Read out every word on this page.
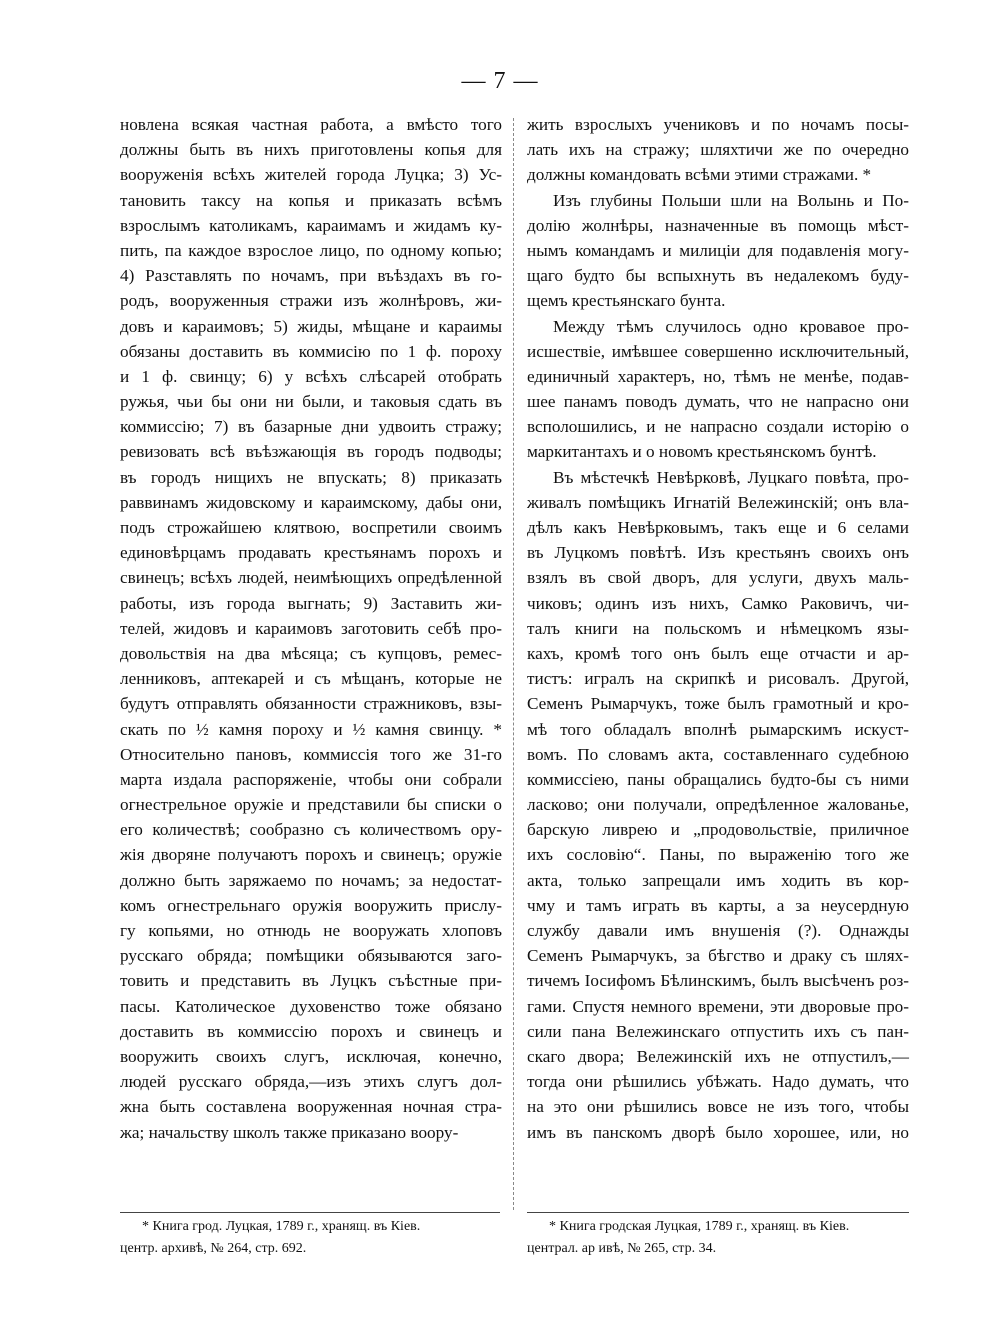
— 7 —
новлена всякая частная работа, а вмѣсто того
должны быть въ нихъ приготовлены копья для
вооруженія всѣхъ жителей города Луцка; 3) Ус-
тановить таксу на копья и приказать всѣмъ
взрослымъ католикамъ, караимамъ и жидамъ ку-
пить, па каждое взрослое лицо, по одному копью;
4) Разставлять по ночамъ, при въѣздахъ въ го-
родъ, вооруженныя стражи изъ жолнѣровъ, жи-
довъ и караимовъ; 5) жиды, мѣщане и караимы
обязаны доставить въ коммисію по 1 ф. пороху
и 1 ф. свинцу; 6) у всѣхъ слѣсарей отобрать
ружья, чьи бы они ни были, и таковыя сдать въ
коммиссію; 7) въ базарные дни удвоить стражу;
ревизовать всѣ въѣзжающія въ городъ подводы;
въ городъ нищихъ не впускать; 8) приказать
раввинамъ жидовскому и караимскому, дабы они,
подъ строжайшею клятвою, воспретили своимъ
единовѣрцамъ продавать крестьянамъ порохъ и
свинецъ; всѣхъ людей, неимѣющихъ опредѣленной
работы, изъ города выгнать; 9) Заставить жи-
телей, жидовъ и караимовъ заготовить себѣ про-
довольствія на два мѣсяца; съ купцовъ, ремес-
ленниковъ, аптекарей и съ мѣщанъ, которые не
будутъ отправлять обязанности стражниковъ, взы-
скать по ½ камня пороху и ½ камня свинцу. *
Относительно пановъ, коммиссія того же 31-го
марта издала распоряженіе, чтобы они собрали
огнестрельное оружіе и представили бы списки о
его количествѣ; сообразно съ количествомъ ору-
жія дворяне получаютъ порохъ и свинецъ; оружіе
должно быть заряжаемо по ночамъ; за недостат-
комъ огнестрельнаго оружія вооружить прислу-
гу копьями, но отнюдь не вооружать хлоповъ
русскаго обряда; помѣщики обязываются загo-
товить и представить въ Луцкъ съѣстные при-
пасы. Католическое духовенство тоже обязано
доставить въ коммиссію порохъ и свинецъ и
вооружить своихъ слугъ, исключая, конечно,
людей русскаго обряда,—изъ этихъ слугъ дол-
жна быть составлена вооруженная ночная стра-
жа; начальству школъ также приказано воору-
жить взрослыхъ учениковъ и по ночамъ посы-
лать ихъ на стражу; шляхтичи же по очередно
должны командовать всѣми этими стражами. *
Изъ глубины Польши шли на Волынь и По-
долію жолнѣры, назначенные въ помощь мѣст-
нымъ командамъ и милиціи для подавленія могу-
щаго будто бы вспыхнуть въ недалекомъ буду-
щемъ крестьянскаго бунта.
Между тѣмъ случилось одно кровавое про-
исшествіе, имѣвшее совершенно исключительный,
единичный характеръ, но, тѣмъ не менѣе, подав-
шее панамъ поводъ думать, что не напрасно они
всполошились, и не напрасно создали исторію о
маркитантахъ и о новомъ крестьянскомъ бунтѣ.
Въ мѣстечкѣ Невѣрковѣ, Луцкаго повѣта, про-
живалъ помѣщикъ Игнатій Вележинскій; онъ вла-
дѣлъ какъ Невѣрковымъ, такъ еще и 6 селами
въ Луцкомъ повѣтѣ. Изъ крестьянъ своихъ онъ
взялъ въ свой дворъ, для услуги, двухъ маль-
чиковъ; одинъ изъ нихъ, Самко Раковичъ, чи-
талъ книги на польскомъ и нѣмецкомъ язы-
кахъ, кромѣ того онъ былъ еще отчасти и ар-
тистъ: игралъ на скрипкѣ и рисовалъ. Другой,
Семенъ Рымарчукъ, тоже былъ грамотный и кро-
мѣ того обладалъ вполнѣ рымарскимъ искуст-
вомъ. По словамъ акта, составленнаго судебною
коммиссіею, паны обращались будто-бы съ ними
ласково; они получали, опредѣленное жалованье,
барскую ливрею и „продовольствіе, приличное
ихъ сословію“. Паны, по выраженію того же
акта, только запрещали имъ ходить въ кор-
чму и тамъ играть въ карты, а за неусердную
службу давали имъ внушенія (?). Однажды
Семенъ Рымарчукъ, за бѣгство и драку съ шлях-
тичемъ Іосифомъ Бѣлинскимъ, былъ высѣченъ роз-
гами. Спустя немного времени, эти дворовые про-
сили пана Вележинскаго отпустить ихъ съ пан-
скаго двора; Вележинскій ихъ не отпустилъ,—
тогда они рѣшились убѣжать. Надо думать, что
на это они рѣшились вовсе не изъ того, чтобы
имъ въ панскомъ дворѣ было хорошее, или, но
* Книга грод. Луцкая, 1789 г., хранящ. въ Кіев.
центр. архивѣ, № 264, стр. 692.
* Книга гродская Луцкая, 1789 г., хранящ. въ Кіев.
централ. ар ивѣ, № 265, стр. 34.
